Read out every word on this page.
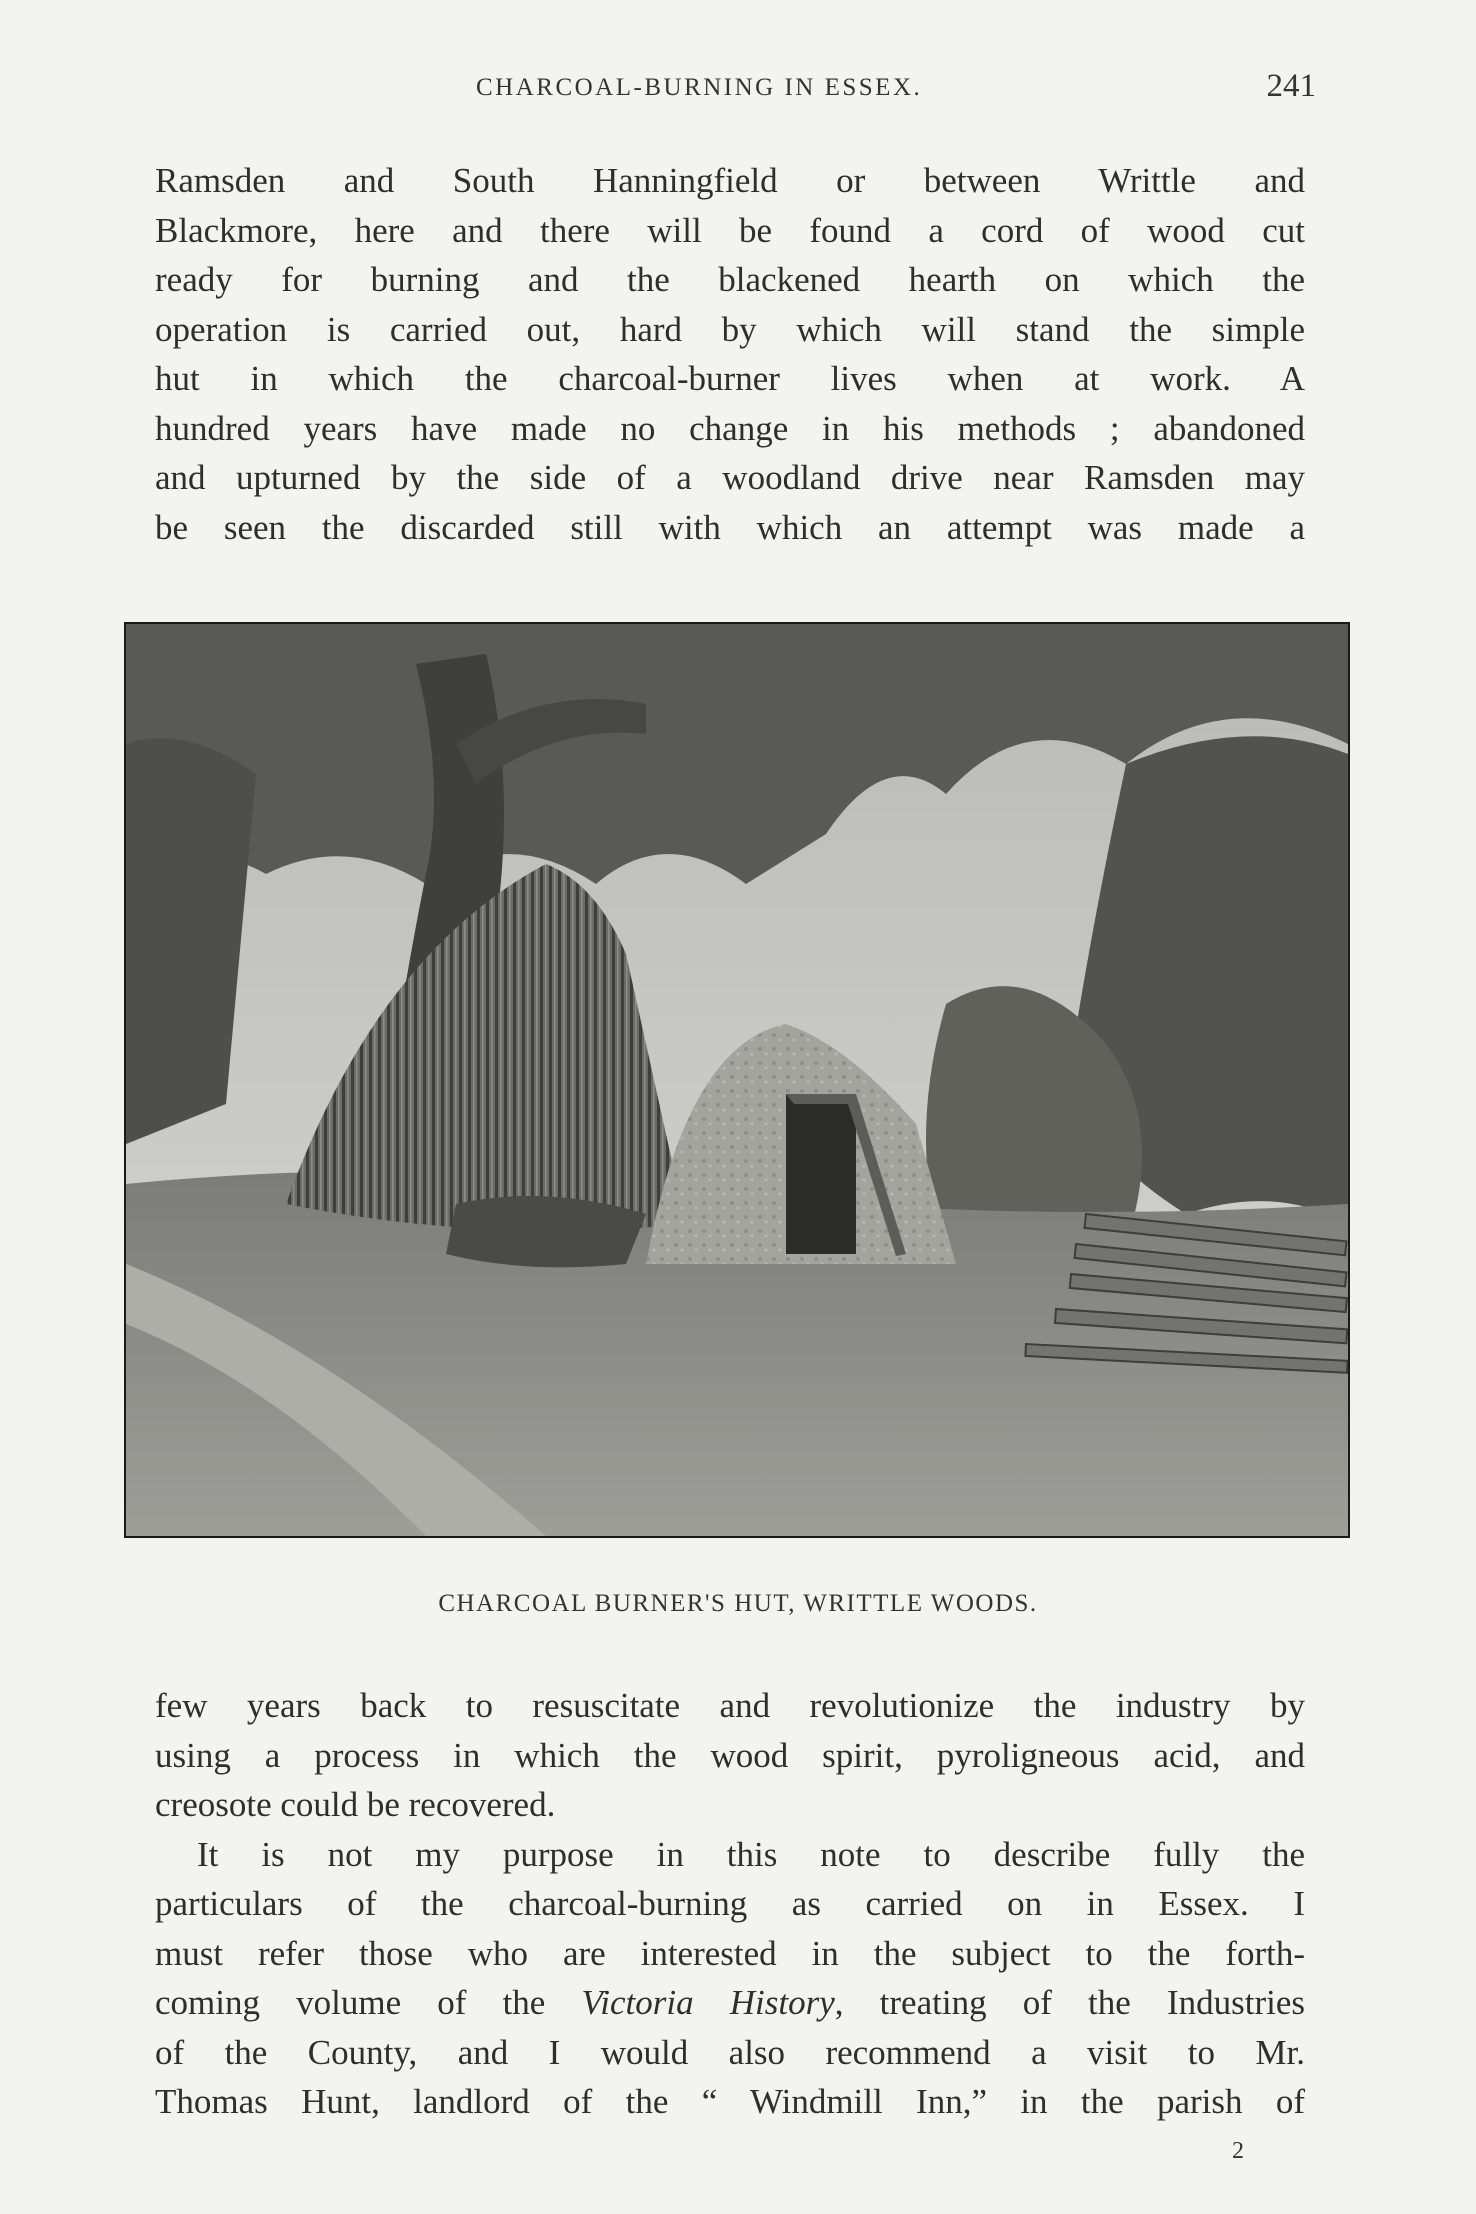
CHARCOAL-BURNING IN ESSEX.	241

Ramsden and South Hanningfield or between Writtle and
Blackmore, here and there will be found a cord of wood cut
ready for burning and the blackened hearth on which the
operation is carried out, hard by which will stand the simple
hut in which the charcoal-burner lives when at work. A
hundred years have made no change in his methods ; abandoned
and upturned by the side of a woodland drive near Ramsden may
be seen the discarded still with which an attempt was made a

CHARCOAL BURNER'S HUT, WRITTLE WOODS.

few years back to resuscitate and revolutionize the industry by
using a process in which the wood spirit, pyroligneous acid, and
creosote could be recovered.

It is not my purpose in this note to describe fully the
particulars of the charcoal-burning as carried on in Essex. I
must refer those who are interested in the subject to the forth-
coming volume of the Victoria History, treating of the Industries
of the County, and I would also recommend a visit to Mr.
Thomas Hunt, landlord of the “ Windmill Inn,” in the parish of

2
